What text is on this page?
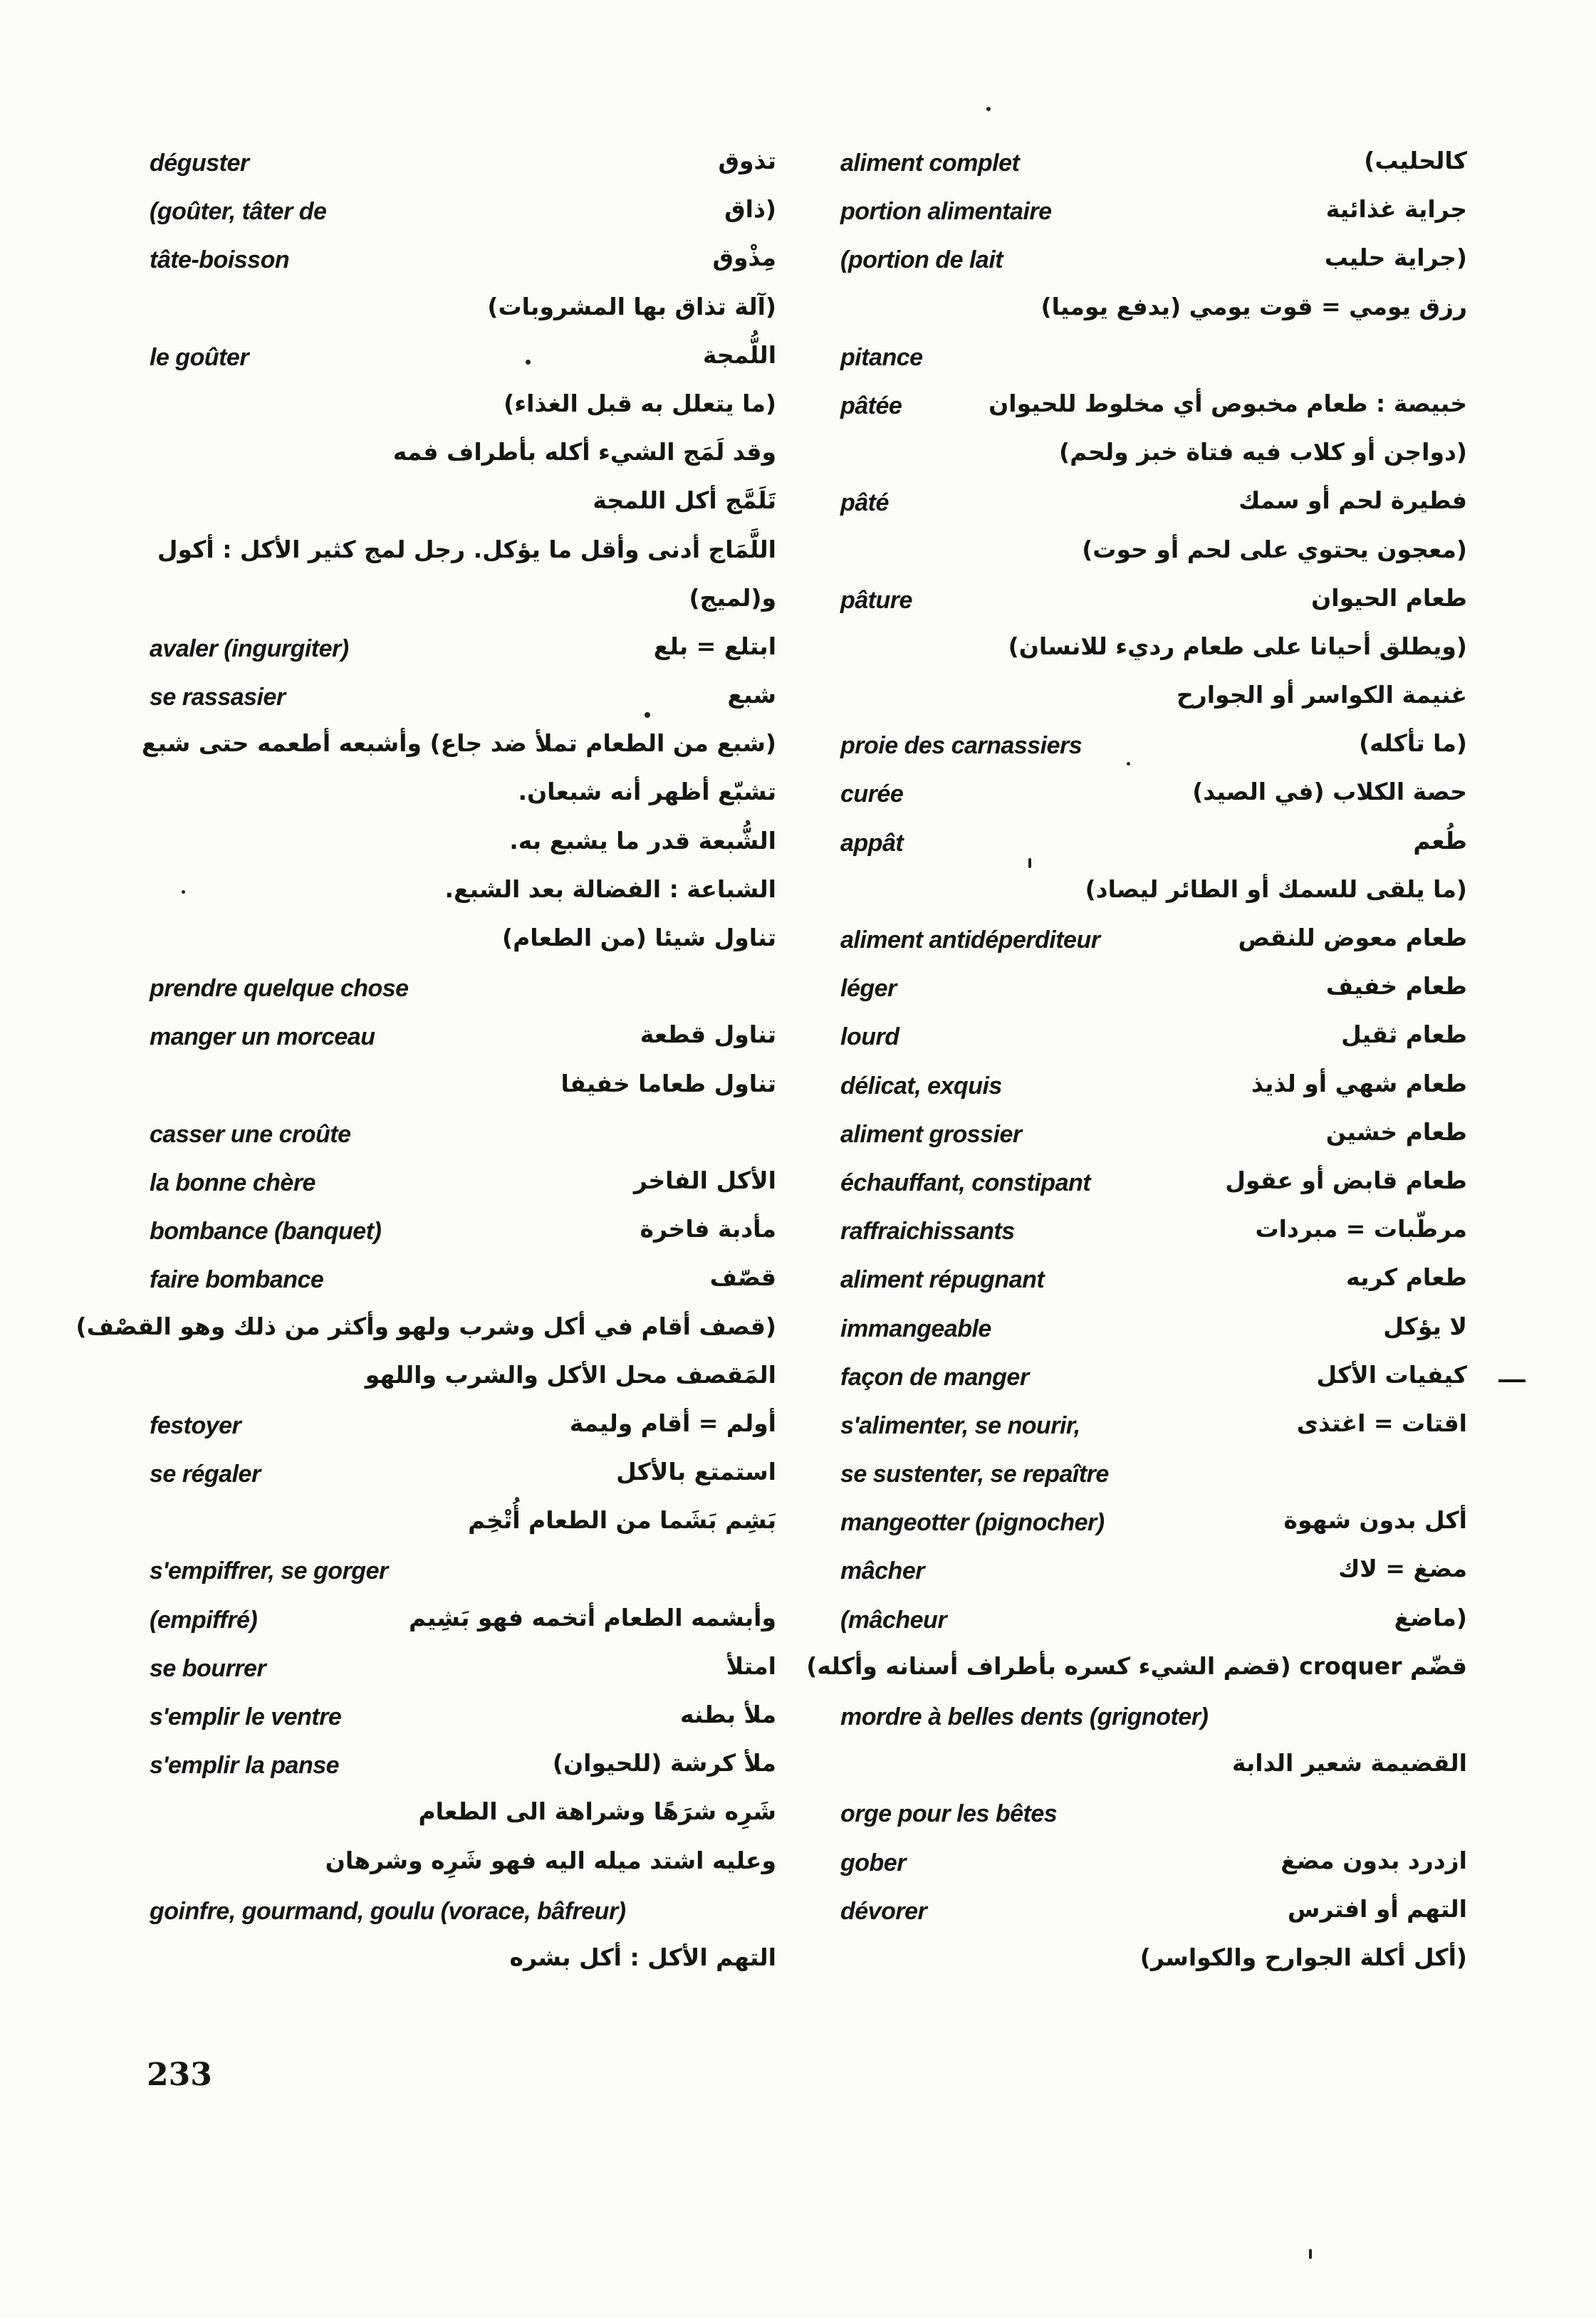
aliment complet	كالحليب)
portion alimentaire	جراية غذائية
(portion de lait	(جراية حليب
رزق يومي = قوت يومي (يدفع يوميا)
pitance
pâtée	خبيصة : طعام مخبوص أي مخلوط للحيوان
(دواجن أو كلاب فيه فتاة خبز ولحم)
pâté	فطيرة لحم أو سمك
(معجون يحتوي على لحم أو حوت)
pâture	طعام الحيوان
(ويطلق أحيانا على طعام رديء للانسان)
غنيمة الكواسر أو الجوارح
proie des carnassiers	(ما تأكله)
curée	حصة الكلاب (في الصيد)
appât	طُعم
(ما يلقى للسمك أو الطائر ليصاد)
aliment antidéperditeur	طعام معوض للنقص
léger	طعام خفيف
lourd	طعام ثقيل
délicat, exquis	طعام شهي أو لذيذ
aliment grossier	طعام خشين
échauffant, constipant	طعام قابض أو عقول
raffraichissants	مرطّبات = مبردات
aliment répugnant	طعام كريه
immangeable	لا يؤكل
façon de manger	كيفيات الأكل
s'alimenter, se nourir,	اقتات = اغتذى
se sustenter, se repaître
mangeotter (pignocher)	أكل بدون شهوة
mâcher	مضغ = لاك
(mâcheur	(ماضغ
قضّم croquer (قضم الشيء كسره بأطراف أسنانه وأكله)
mordre à belles dents (grignoter)
القضيمة شعير الدابة
orge pour les bêtes
gober	ازدرد بدون مضغ
dévorer	التهم أو افترس
(أكل أكلة الجوارح والكواسر)
déguster	تذوق
(goûter, tâter de	(ذاق
tâte-boisson	مِذْوق
(آلة تذاق بها المشروبات)
le goûter	اللُّمجة
(ما يتعلل به قبل الغذاء)
وقد لَمَج الشيء أكله بأطراف فمه
تَلَمَّج أكل اللمجة
اللَّمَاج أدنى وأقل ما يؤكل. رجل لمج كثير الأكل : أكول
و(لميج)
avaler (ingurgiter)	ابتلع = بلع
se rassasier	شبع
(شبع من الطعام تملأ ضد جاع) وأشبعه أطعمه حتى شبع
تشبّع أظهر أنه شبعان.
الشُّبعة قدر ما يشبع به.
الشباعة : الفضالة بعد الشبع.
تناول شيئا (من الطعام)
prendre quelque chose
manger un morceau	تناول قطعة
تناول طعاما خفيفا
casser une croûte
la bonne chère	الأكل الفاخر
bombance (banquet)	مأدبة فاخرة
faire bombance	قصّف
(قصف أقام في أكل وشرب ولهو وأكثر من ذلك وهو القصْف)
المَقصف محل الأكل والشرب واللهو
festoyer	أولم = أقام وليمة
se régaler	استمتع بالأكل
بَشِم بَشَما من الطعام أُتْخِم
s'empiffrer, se gorger
(empiffré)	وأبشمه الطعام أتخمه فهو بَشِيم
se bourrer	امتلأ
s'emplir le ventre	ملأ بطنه
s'emplir la panse	ملأ كرشة (للحيوان)
شَرِه شرَهًا وشراهة الى الطعام
وعليه اشتد ميله اليه فهو شَرِه وشرهان
goinfre, gourmand, goulu (vorace, bâfreur)
التهم الأكل : أكل بشره
233
